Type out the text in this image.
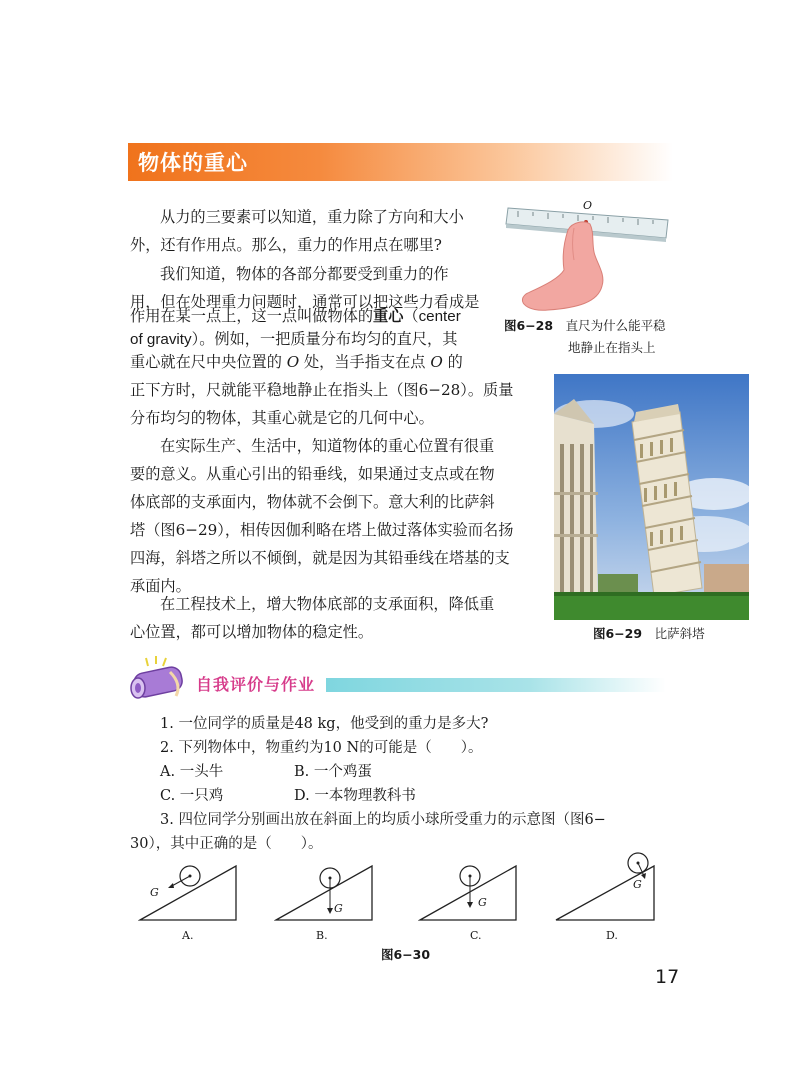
物体的重心
从力的三要素可以知道，重力除了方向和大小
外，还有作用点。那么，重力的作用点在哪里?
我们知道，物体的各部分都要受到重力的作
用，但在处理重力问题时，通常可以把这些力看成是
作用在某一点上，这一点叫做物体的重心（center
of gravity）。例如，一把质量分布均匀的直尺，其
重心就在尺中央位置的 O 处，当手指支在点 O 的
正下方时，尺就能平稳地静止在指头上（图6−28）。质量
分布均匀的物体，其重心就是它的几何中心。
在实际生产、生活中，知道物体的重心位置有很重
要的意义。从重心引出的铅垂线，如果通过支点或在物
体底部的支承面内，物体就不会倒下。意大利的比萨斜
塔（图6−29），相传因伽利略在塔上做过落体实验而名扬
四海，斜塔之所以不倾倒，就是因为其铅垂线在塔基的支
承面内。
在工程技术上，增大物体底部的支承面积，降低重
心位置，都可以增加物体的稳定性。
O
图6−28　 直尺为什么能平稳
地静止在指头上
图6−29　 比萨斜塔
自我评价与作业
1. 一位同学的质量是48 kg，他受到的重力是多大?
2. 下列物体中，物重约为10 N的可能是（　　）。
A. 一头牛	B. 一个鸡蛋
C. 一只鸡	D. 一本物理教科书
3. 四位同学分别画出放在斜面上的均质小球所受重力的示意图（图6−
30），其中正确的是（　　）。
G
G	G
G
A.	B.	C.	D.
图6−30
17
